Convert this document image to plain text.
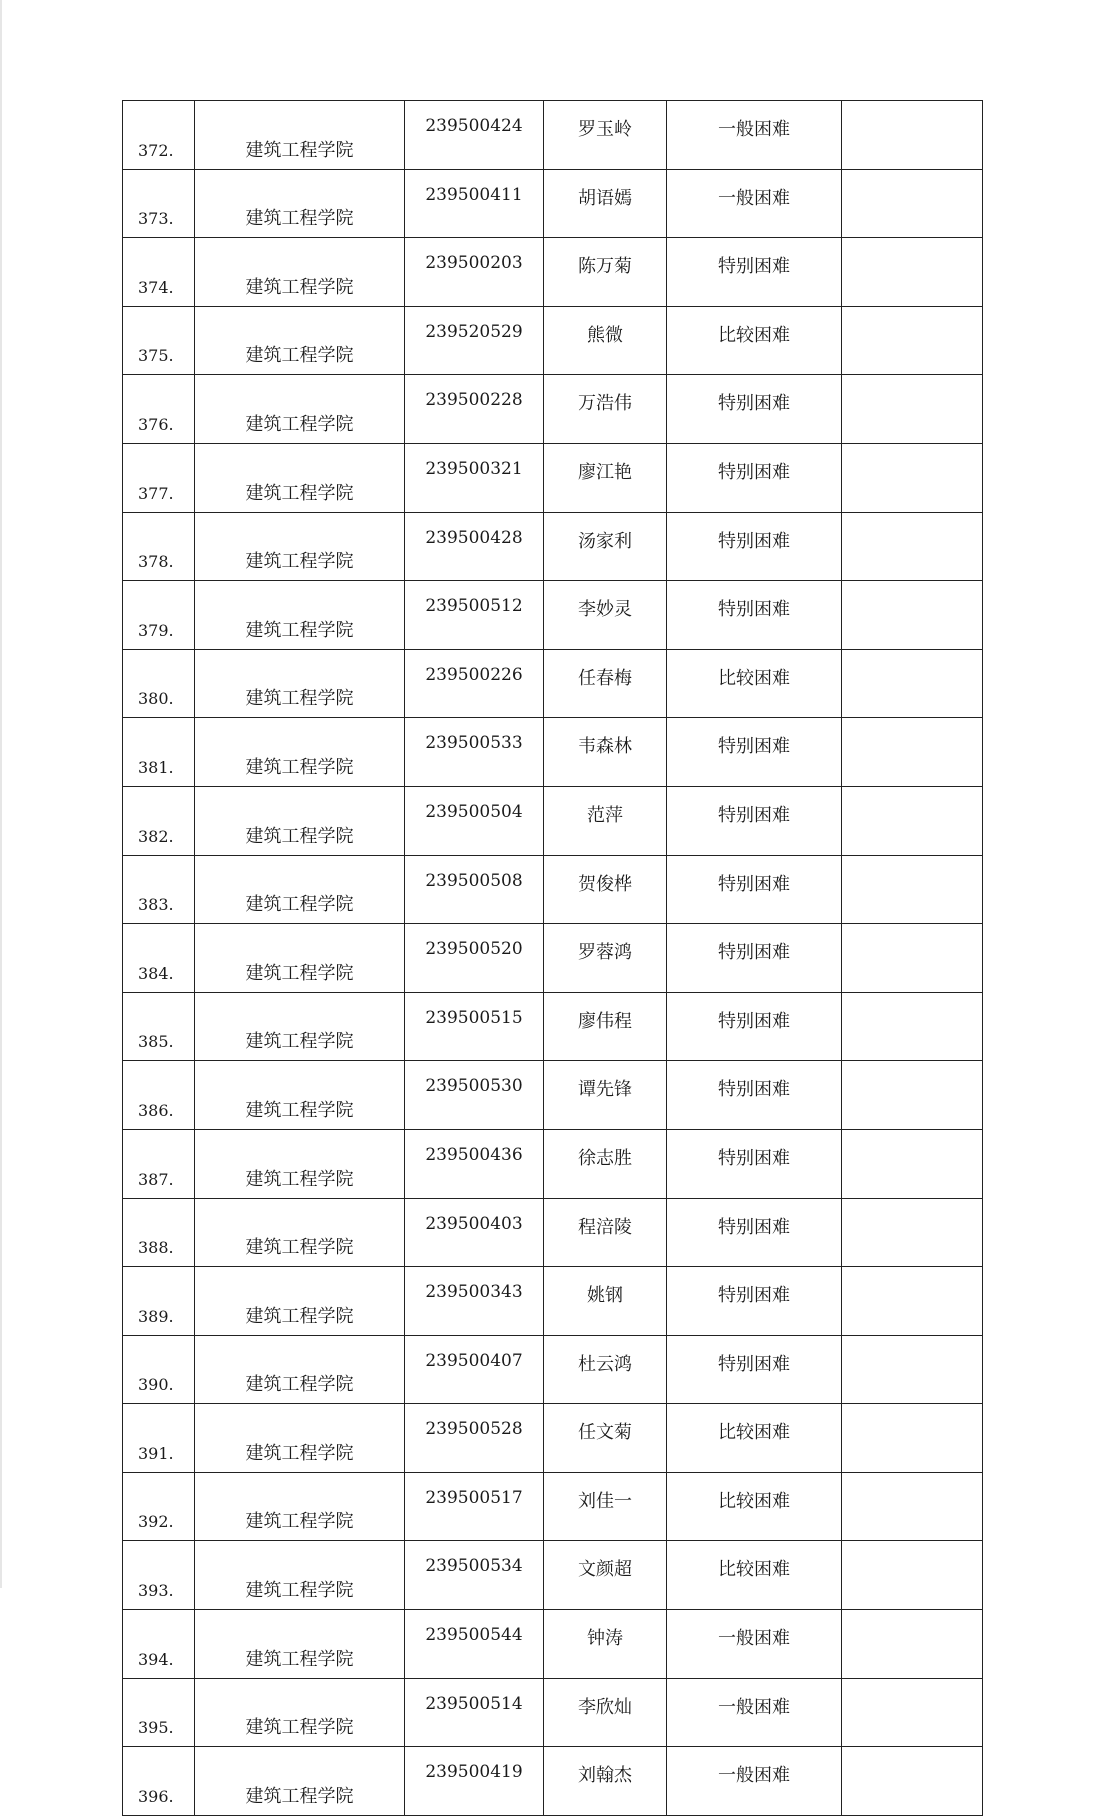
372.	建筑工程学院	239500424	罗玉岭	一般困难	
373.	建筑工程学院	239500411	胡语嫣	一般困难	
374.	建筑工程学院	239500203	陈万菊	特别困难	
375.	建筑工程学院	239520529	熊微	比较困难	
376.	建筑工程学院	239500228	万浩伟	特别困难	
377.	建筑工程学院	239500321	廖江艳	特别困难	
378.	建筑工程学院	239500428	汤家利	特别困难	
379.	建筑工程学院	239500512	李妙灵	特别困难	
380.	建筑工程学院	239500226	任春梅	比较困难	
381.	建筑工程学院	239500533	韦森林	特别困难	
382.	建筑工程学院	239500504	范萍	特别困难	
383.	建筑工程学院	239500508	贺俊桦	特别困难	
384.	建筑工程学院	239500520	罗蓉鸿	特别困难	
385.	建筑工程学院	239500515	廖伟程	特别困难	
386.	建筑工程学院	239500530	谭先锋	特别困难	
387.	建筑工程学院	239500436	徐志胜	特别困难	
388.	建筑工程学院	239500403	程涪陵	特别困难	
389.	建筑工程学院	239500343	姚钢	特别困难	
390.	建筑工程学院	239500407	杜云鸿	特别困难	
391.	建筑工程学院	239500528	任文菊	比较困难	
392.	建筑工程学院	239500517	刘佳一	比较困难	
393.	建筑工程学院	239500534	文颜超	比较困难	
394.	建筑工程学院	239500544	钟涛	一般困难	
395.	建筑工程学院	239500514	李欣灿	一般困难	
396.	建筑工程学院	239500419	刘翰杰	一般困难	
